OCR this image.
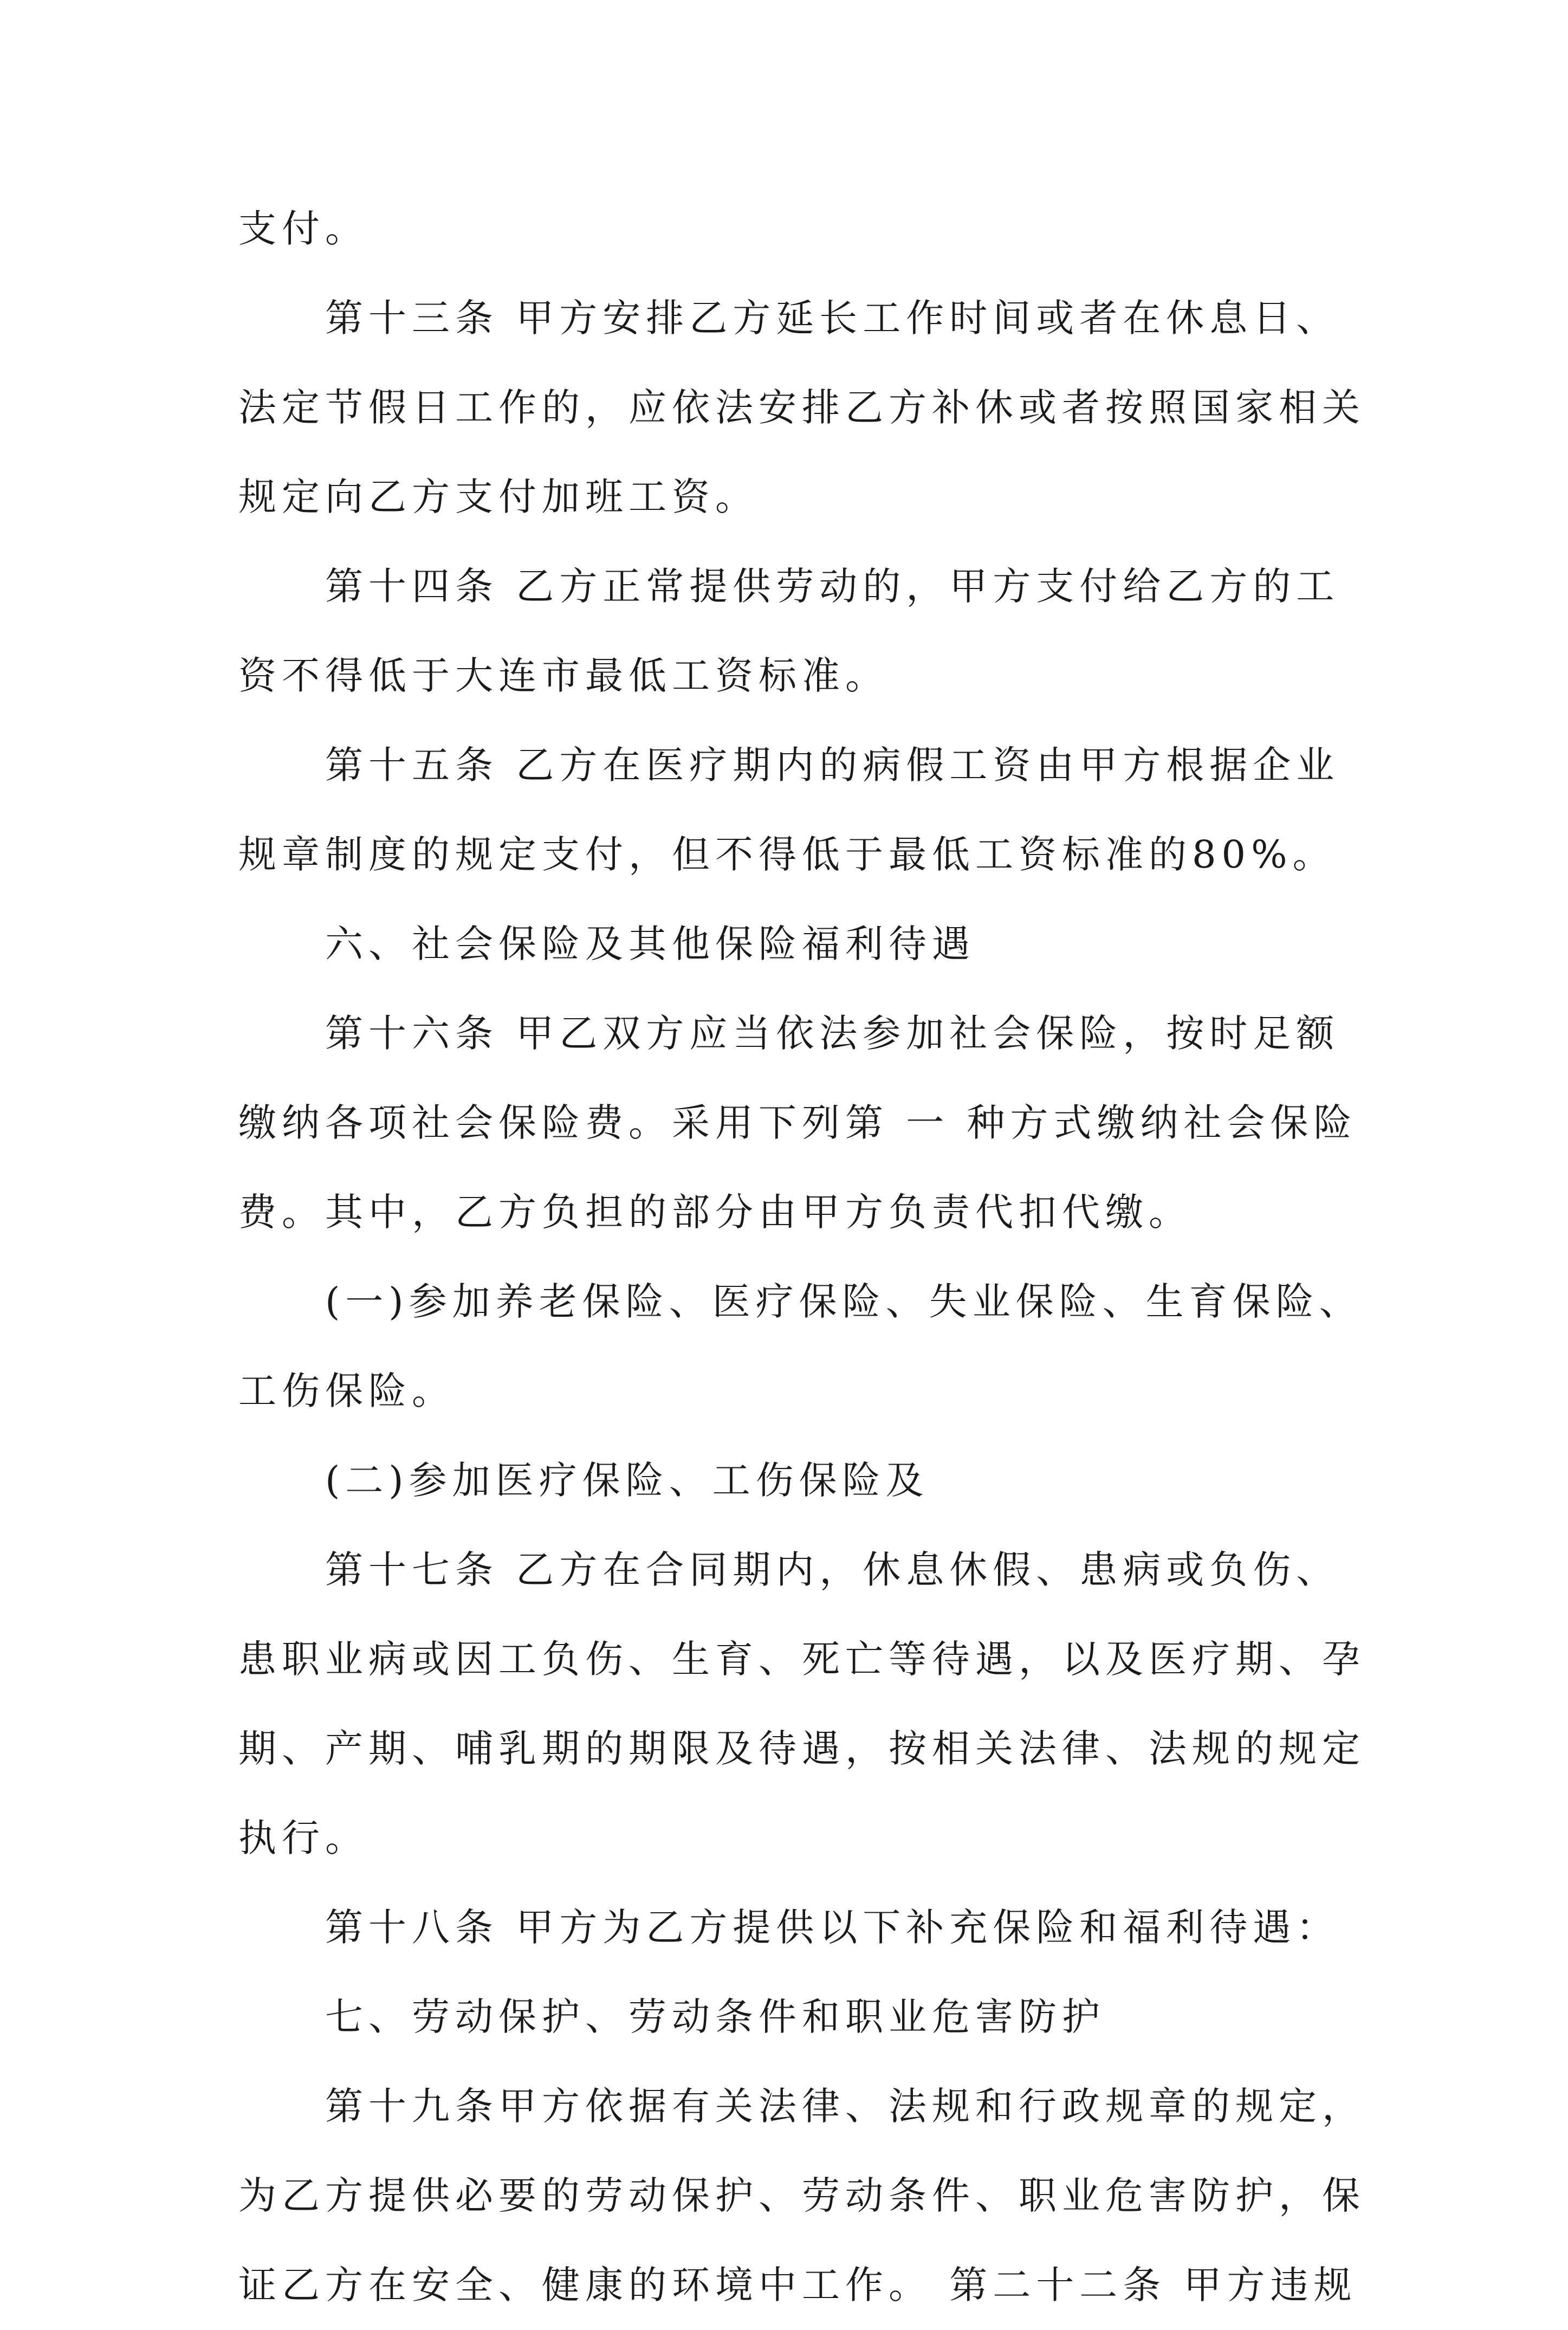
支付。
第十三条 甲方安排乙方延长工作时间或者在休息日、
法定节假日工作的，应依法安排乙方补休或者按照国家相关
规定向乙方支付加班工资。
第十四条 乙方正常提供劳动的，甲方支付给乙方的工
资不得低于大连市最低工资标准。
第十五条 乙方在医疗期内的病假工资由甲方根据企业
规章制度的规定支付，但不得低于最低工资标准的80%。
六、社会保险及其他保险福利待遇
第十六条 甲乙双方应当依法参加社会保险，按时足额
缴纳各项社会保险费。采用下列第 一 种方式缴纳社会保险
费。其中，乙方负担的部分由甲方负责代扣代缴。
(一)参加养老保险、医疗保险、失业保险、生育保险、
工伤保险。
(二)参加医疗保险、工伤保险及
第十七条 乙方在合同期内，休息休假、患病或负伤、
患职业病或因工负伤、生育、死亡等待遇，以及医疗期、孕
期、产期、哺乳期的期限及待遇，按相关法律、法规的规定
执行。
第十八条 甲方为乙方提供以下补充保险和福利待遇：
七、劳动保护、劳动条件和职业危害防护
第十九条甲方依据有关法律、法规和行政规章的规定，
为乙方提供必要的劳动保护、劳动条件、职业危害防护，保
证乙方在安全、健康的环境中工作。 第二十二条 甲方违规
